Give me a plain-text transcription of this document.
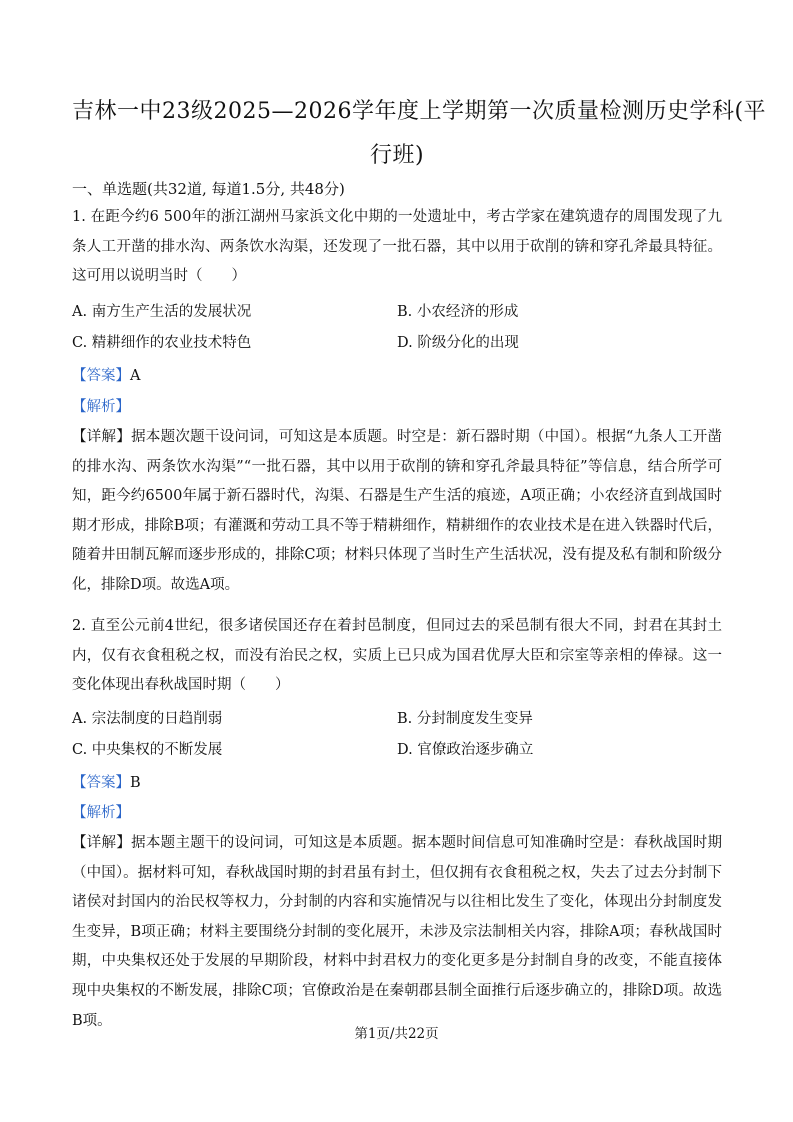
吉林一中23级2025—2026学年度上学期第一次质量检测历史学科(平
行班)
一、单选题(共32道, 每道1.5分, 共48分)
1. 在距今约6 500年的浙江湖州马家浜文化中期的一处遗址中，考古学家在建筑遗存的周围发现了九条人工开凿的排水沟、两条饮水沟渠，还发现了一批石器，其中以用于砍削的锛和穿孔斧最具特征。这可用以说明当时（　　）
A. 南方生产生活的发展状况	B. 小农经济的形成
C. 精耕细作的农业技术特色	D. 阶级分化的出现
【答案】A
【解析】
【详解】据本题次题干设问词，可知这是本质题。时空是：新石器时期（中国）。根据“九条人工开凿的排水沟、两条饮水沟渠”“一批石器，其中以用于砍削的锛和穿孔斧最具特征”等信息，结合所学可知，距今约6500年属于新石器时代，沟渠、石器是生产生活的痕迹，A项正确；小农经济直到战国时期才形成，排除B项；有灌溉和劳动工具不等于精耕细作，精耕细作的农业技术是在进入铁器时代后，随着井田制瓦解而逐步形成的，排除C项；材料只体现了当时生产生活状况，没有提及私有制和阶级分化，排除D项。故选A项。
2. 直至公元前4世纪，很多诸侯国还存在着封邑制度，但同过去的采邑制有很大不同，封君在其封土内，仅有衣食租税之权，而没有治民之权，实质上已只成为国君优厚大臣和宗室等亲相的俸禄。这一变化体现出春秋战国时期（　　）
A. 宗法制度的日趋削弱	B. 分封制度发生变异
C. 中央集权的不断发展	D. 官僚政治逐步确立
【答案】B
【解析】
【详解】据本题主题干的设问词，可知这是本质题。据本题时间信息可知准确时空是：春秋战国时期（中国）。据材料可知，春秋战国时期的封君虽有封土，但仅拥有衣食租税之权，失去了过去分封制下诸侯对封国内的治民权等权力，分封制的内容和实施情况与以往相比发生了变化，体现出分封制度发生变异，B项正确；材料主要围绕分封制的变化展开，未涉及宗法制相关内容，排除A项；春秋战国时期，中央集权还处于发展的早期阶段，材料中封君权力的变化更多是分封制自身的改变，不能直接体现中央集权的不断发展，排除C项；官僚政治是在秦朝郡县制全面推行后逐步确立的，排除D项。故选B项。
第1页/共22页
